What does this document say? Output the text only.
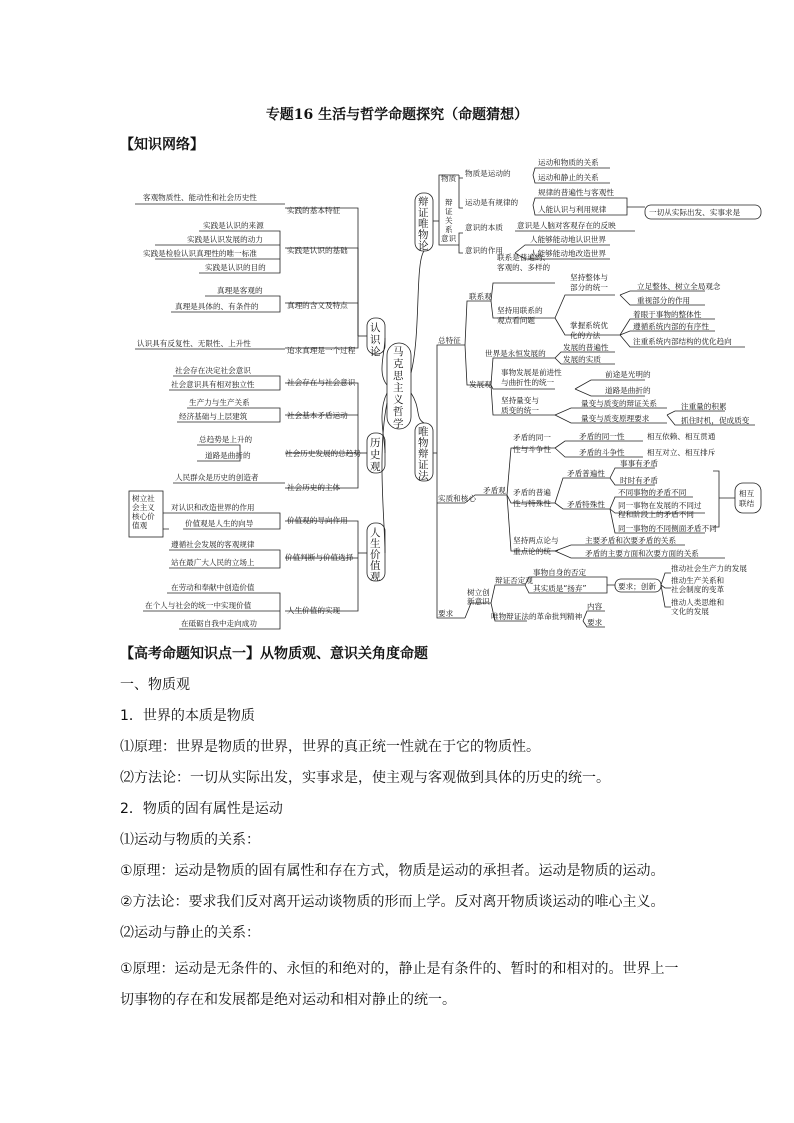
专题16 生活与哲学命题探究（命题猜想）
【知识网络】
马克思主义哲学
认识论
历史观
人生价值观
辩证唯物论
唯物辩证法
实践的基本特征
实践是认识的基础
真理的含义及特点
追求真理是一个过程
客观物质性、能动性和社会历史性
实践是认识的来源
实践是认识发展的动力
实践是检验认识真理性的唯一标准
实践是认识的目的
真理是客观的
真理是具体的、有条件的
认识具有反复性、无限性、上升性
社会存在与社会意识
社会基本矛盾运动
社会历史发展的总趋势
社会历史的主体
社会存在决定社会意识
社会意识具有相对独立性
生产力与生产关系
经济基础与上层建筑
总趋势是上升的
道路是曲折的
人民群众是历史的创造者
价值观的导向作用
价值判断与价值选择
人生价值的实现
对认识和改造世界的作用
价值观是人生的向导
遵循社会发展的客观规律
站在最广大人民的立场上
在劳动和奉献中创造价值
在个人与社会的统一中实现价值
在砥砺自我中走向成功
树立社会主义核心价值观
物质
意识
辩证关系
物质是运动的
运动是有规律的
意识的本质
意识的作用
运动和物质的关系
运动和静止的关系
规律的普遍性与客观性
人能认识与利用规律
意识是人脑对客观存在的反映
人能够能动地认识世界
人能够能动地改造世界
一切从实际出发、实事求是
总特征
实质和核心
要求
联系观
发展观
联系是普遍的、客观的、多样的
坚持用联系的观点看问题
坚持整体与部分的统一
掌握系统优化的方法
立足整体、树立全局观念
重视部分的作用
着眼于事物的整体性
遵循系统内部的有序性
注重系统内部结构的优化趋向
世界是永恒发展的
事物发展是前进性与曲折性的统一
坚持量变与质变的统一
发展的普遍性
发展的实质
前途是光明的
道路是曲折的
量变与质变的辩证关系
量变与质变原理要求
注重量的积累
抓住时机，促成质变
矛盾观
矛盾的同一性与斗争性
矛盾的普遍性与特殊性
坚持两点论与重点论的统一
矛盾的同一性
矛盾的斗争性
相互依赖、相互贯通
相互对立、相互排斥
矛盾普遍性
矛盾特殊性
事事有矛盾
时时有矛盾
不同事物的矛盾不同
同一事物在发展的不同过程和阶段上的矛盾不同
同一事物的不同侧面矛盾不同
相互联结
主要矛盾和次要矛盾的关系
矛盾的主要方面和次要方面的关系
树立创新意识
辩证否定观
唯物辩证法的革命批判精神
事物自身的否定
其实质是“扬弃”
内容
要求
要求；创新
推动社会生产力的发展
推动生产关系和社会制度的变革
推动人类思维和文化的发展
【高考命题知识点一】从物质观、意识关角度命题
一、物质观
1．世界的本质是物质
⑴原理：世界是物质的世界，世界的真正统一性就在于它的物质性。
⑵方法论：一切从实际出发，实事求是，使主观与客观做到具体的历史的统一。
2．物质的固有属性是运动
⑴运动与物质的关系：
①原理：运动是物质的固有属性和存在方式，物质是运动的承担者。运动是物质的运动。
②方法论：要求我们反对离开运动谈物质的形而上学。反对离开物质谈运动的唯心主义。
⑵运动与静止的关系：
①原理：运动是无条件的、永恒的和绝对的，静止是有条件的、暂时的和相对的。世界上一切事物的存在和发展都是绝对运动和相对静止的统一。
